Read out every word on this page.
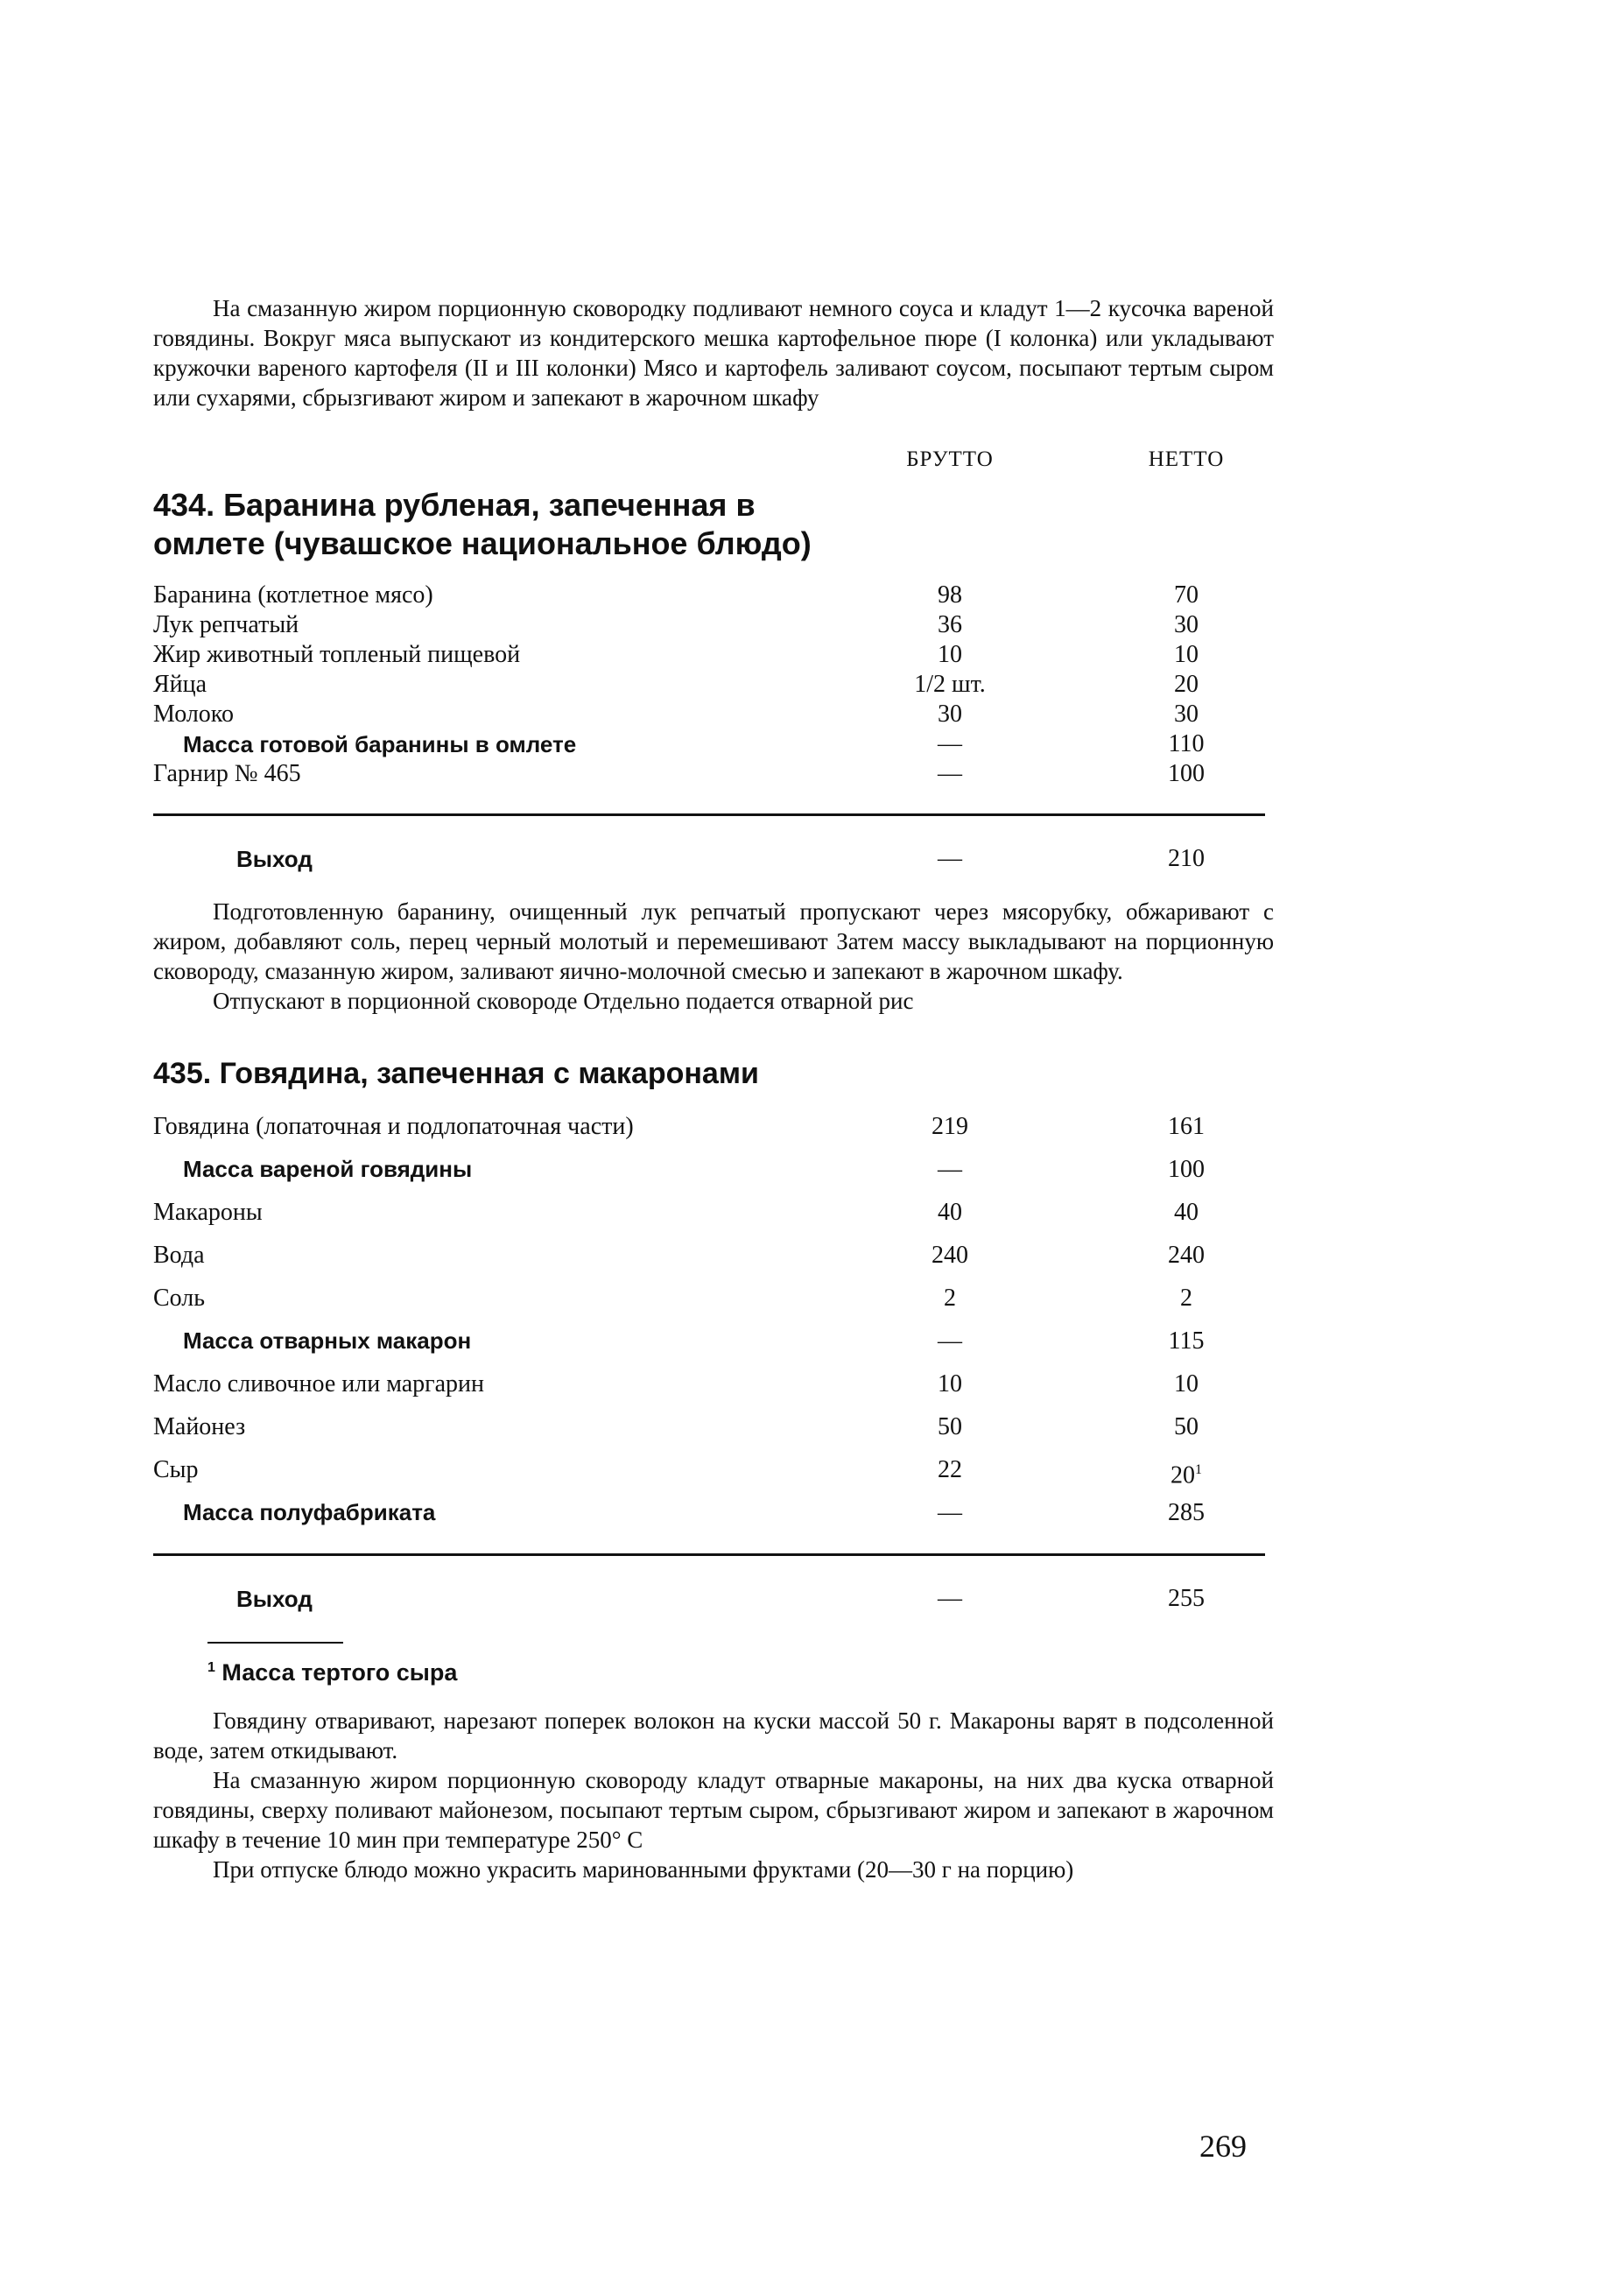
На смазанную жиром порционную сковородку подливают немного соуса и кладут 1—2 кусочка вареной говядины. Вокруг мяса выпускают из кондитерского мешка картофельное пюре (I колонка) или укладывают кружочки вареного картофеля (II и III колонки) Мясо и картофель заливают соусом, посыпают тертым сыром или сухарями, сбрызгивают жиром и запекают в жарочном шкафу

БРУТТО	НЕТТО
434. Баранина рубленая, запеченная в омлете (чувашское национальное блюдо)
Баранина (котлетное мясо)	98	70
Лук репчатый	36	30
Жир животный топленый пищевой	10	10
Яйца	1/2 шт.	20
Молоко	30	30
Масса готовой баранины в омлете	—	110
Гарнир № 465	—	100
Выход	—	210

Подготовленную баранину, очищенный лук репчатый пропускают через мясорубку, обжаривают с жиром, добавляют соль, перец черный молотый и перемешивают Затем массу выкладывают на порционную сковороду, смазанную жиром, заливают яично-молочной смесью и запекают в жарочном шкафу.

Отпускают в порционной сковороде Отдельно подается отварной рис

435. Говядина, запеченная с макаронами
Говядина (лопаточная и подлопаточная части)	219	161
Масса вареной говядины	—	100
Макароны	40	40
Вода	240	240
Соль	2	2
Масса отварных макарон	—	115
Масло сливочное или маргарин	10	10
Майонез	50	50
Сыр	22	$20^1$
Масса полуфабриката	—	285
Выход	—	255

$^1$ Масса тертого сыра

Говядину отваривают, нарезают поперек волокон на куски массой 50 г. Макароны варят в подсоленной воде, затем откидывают.

На смазанную жиром порционную сковороду кладут отварные макароны, на них два куска отварной говядины, сверху поливают майонезом, посыпают тертым сыром, сбрызгивают жиром и запекают в жарочном шкафу в течение 10 мин при температуре 250° С

При отпуске блюдо можно украсить маринованными фруктами (20—30 г на порцию)

269
